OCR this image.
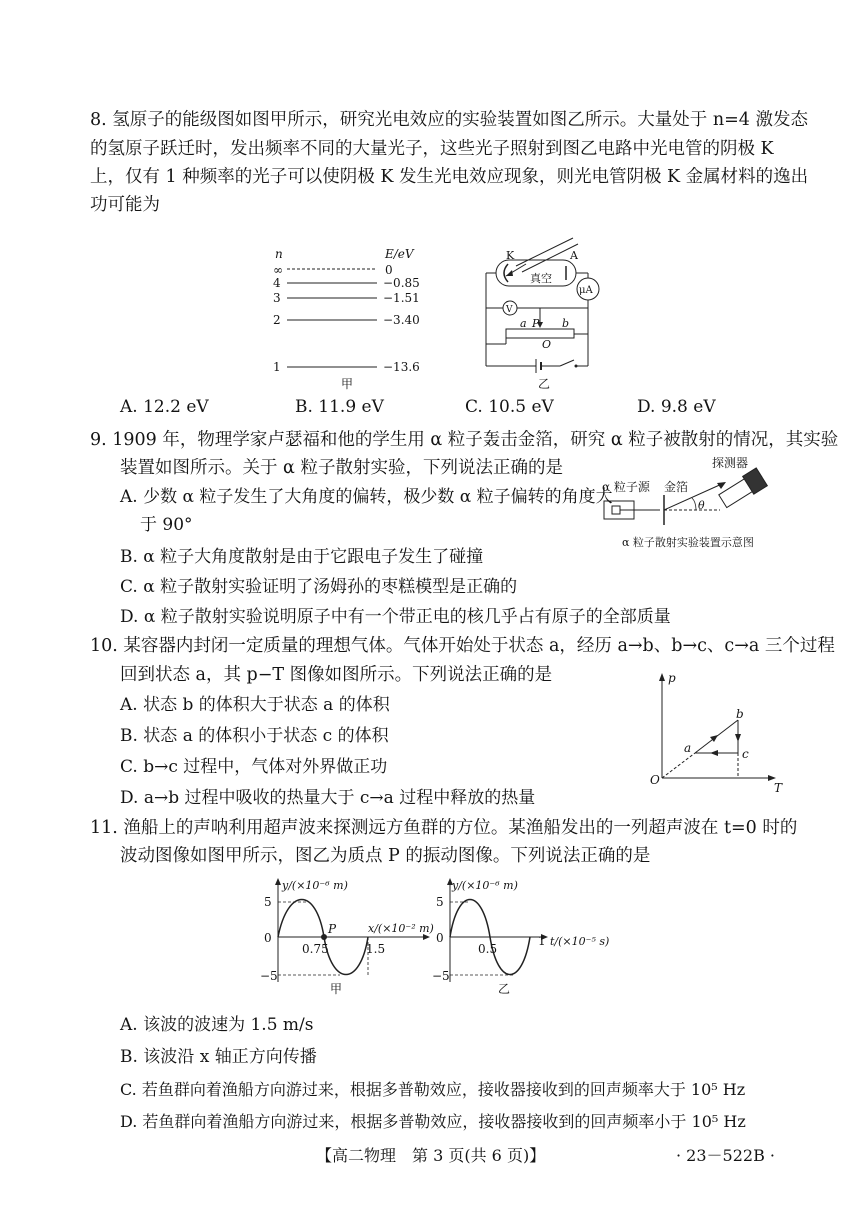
8. 氢原子的能级图如图甲所示，研究光电效应的实验装置如图乙所示。大量处于 n=4 激发态
的氢原子跃迁时，发出频率不同的大量光子，这些光子照射到图乙电路中光电管的阴极 K
上，仅有 1 种频率的光子可以使阴极 K 发生光电效应现象，则光电管阴极 K 金属材料的逸出
功可能为
n	E/eV
∞	0
4	−0.85
3	−1.51
2	−3.40
1	−13.6
甲
K	A
真空
μA
V
a P b
O
乙
A. 12.2 eV	B. 11.9 eV	C. 10.5 eV	D. 9.8 eV
9. 1909 年，物理学家卢瑟福和他的学生用 α 粒子轰击金箔，研究 α 粒子被散射的情况，其实验
装置如图所示。关于 α 粒子散射实验，下列说法正确的是	探测器
α 粒子源 金箔
θ
α 粒子散射实验装置示意图
A. 少数 α 粒子发生了大角度的偏转，极少数 α 粒子偏转的角度大
于 90°
B. α 粒子大角度散射是由于它跟电子发生了碰撞
C. α 粒子散射实验证明了汤姆孙的枣糕模型是正确的
D. α 粒子散射实验说明原子中有一个带正电的核几乎占有原子的全部质量
10. 某容器内封闭一定质量的理想气体。气体开始处于状态 a，经历 a→b、b→c、c→a 三个过程
回到状态 a，其 p−T 图像如图所示。下列说法正确的是	p
T
O
a
b
c
A. 状态 b 的体积大于状态 a 的体积
B. 状态 a 的体积小于状态 c 的体积
C. b→c 过程中，气体对外界做正功
D. a→b 过程中吸收的热量大于 c→a 过程中释放的热量
11. 渔船上的声呐利用超声波来探测远方鱼群的方位。某渔船发出的一列超声波在 t=0 时的
波动图像如图甲所示，图乙为质点 P 的振动图像。下列说法正确的是
y/(×10⁻⁶ m)
x/(×10⁻² m)
5
0
−5
P
0.75	1.5
甲
y/(×10⁻⁶ m)
t/(×10⁻⁵ s)
5
0
−5
0.5
1
乙
A. 该波的波速为 1.5 m/s
B. 该波沿 x 轴正方向传播
C. 若鱼群向着渔船方向游过来，根据多普勒效应，接收器接收到的回声频率大于 10⁵ Hz
D. 若鱼群向着渔船方向游过来，根据多普勒效应，接收器接收到的回声频率小于 10⁵ Hz
【高二物理　第 3 页(共 6 页)】	· 23－522B ·
